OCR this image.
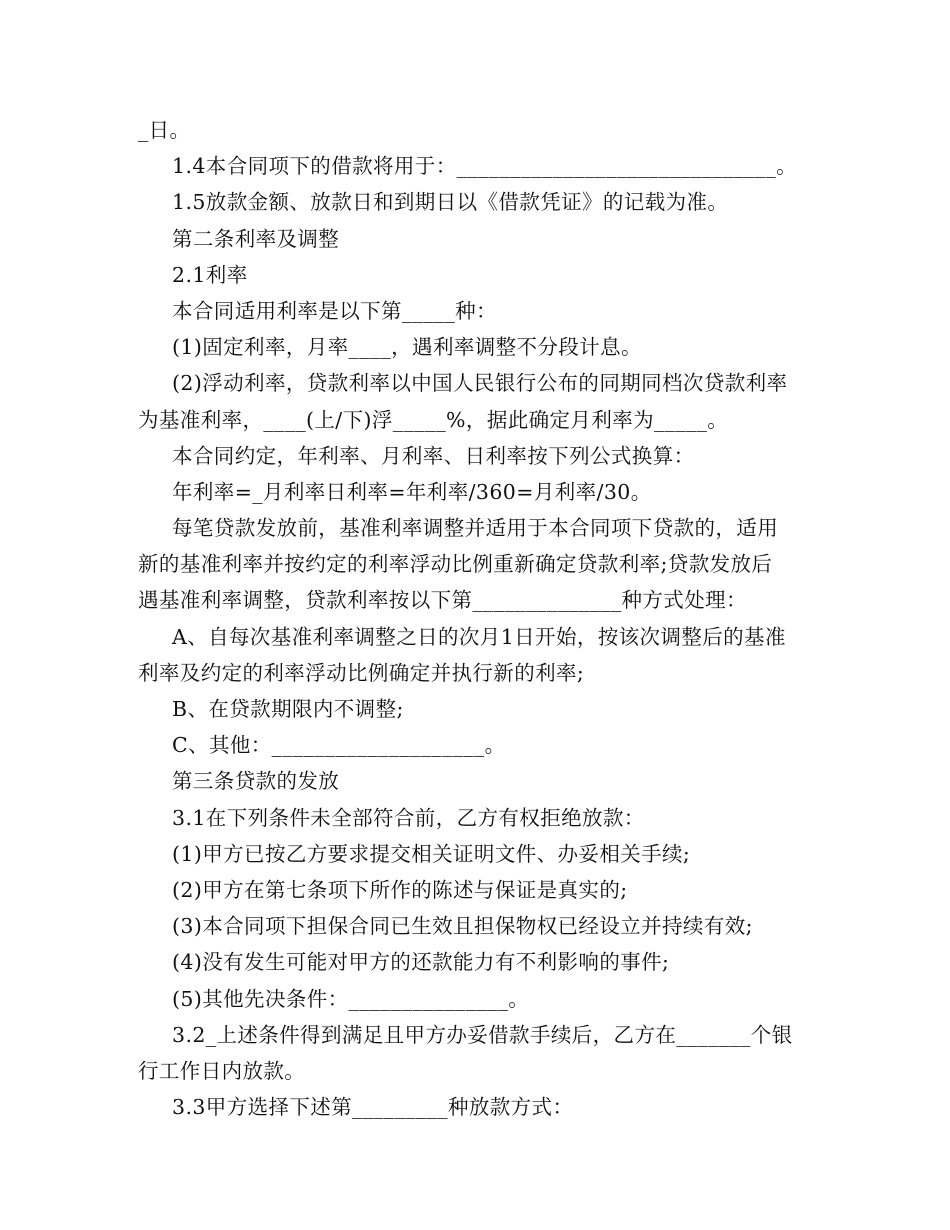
_日。
1.4本合同项下的借款将用于：______________________________。
1.5放款金额、放款日和到期日以《借款凭证》的记载为准。
第二条利率及调整
2.1利率
本合同适用利率是以下第_____种：
(1)固定利率，月率____，遇利率调整不分段计息。
(2)浮动利率，贷款利率以中国人民银行公布的同期同档次贷款利率
为基准利率，____(上/下)浮_____%，据此确定月利率为_____。
本合同约定，年利率、月利率、日利率按下列公式换算：
年利率=_月利率日利率=年利率/360=月利率/30。
每笔贷款发放前，基准利率调整并适用于本合同项下贷款的，适用
新的基准利率并按约定的利率浮动比例重新确定贷款利率;贷款发放后
遇基准利率调整，贷款利率按以下第______________种方式处理：
A、自每次基准利率调整之日的次月1日开始，按该次调整后的基准
利率及约定的利率浮动比例确定并执行新的利率;
B、在贷款期限内不调整;
C、其他：____________________。
第三条贷款的发放
3.1在下列条件未全部符合前，乙方有权拒绝放款：
(1)甲方已按乙方要求提交相关证明文件、办妥相关手续;
(2)甲方在第七条项下所作的陈述与保证是真实的;
(3)本合同项下担保合同已生效且担保物权已经设立并持续有效;
(4)没有发生可能对甲方的还款能力有不利影响的事件;
(5)其他先决条件：_______________。
3.2_上述条件得到满足且甲方办妥借款手续后，乙方在_______个银
行工作日内放款。
3.3甲方选择下述第_________种放款方式：
